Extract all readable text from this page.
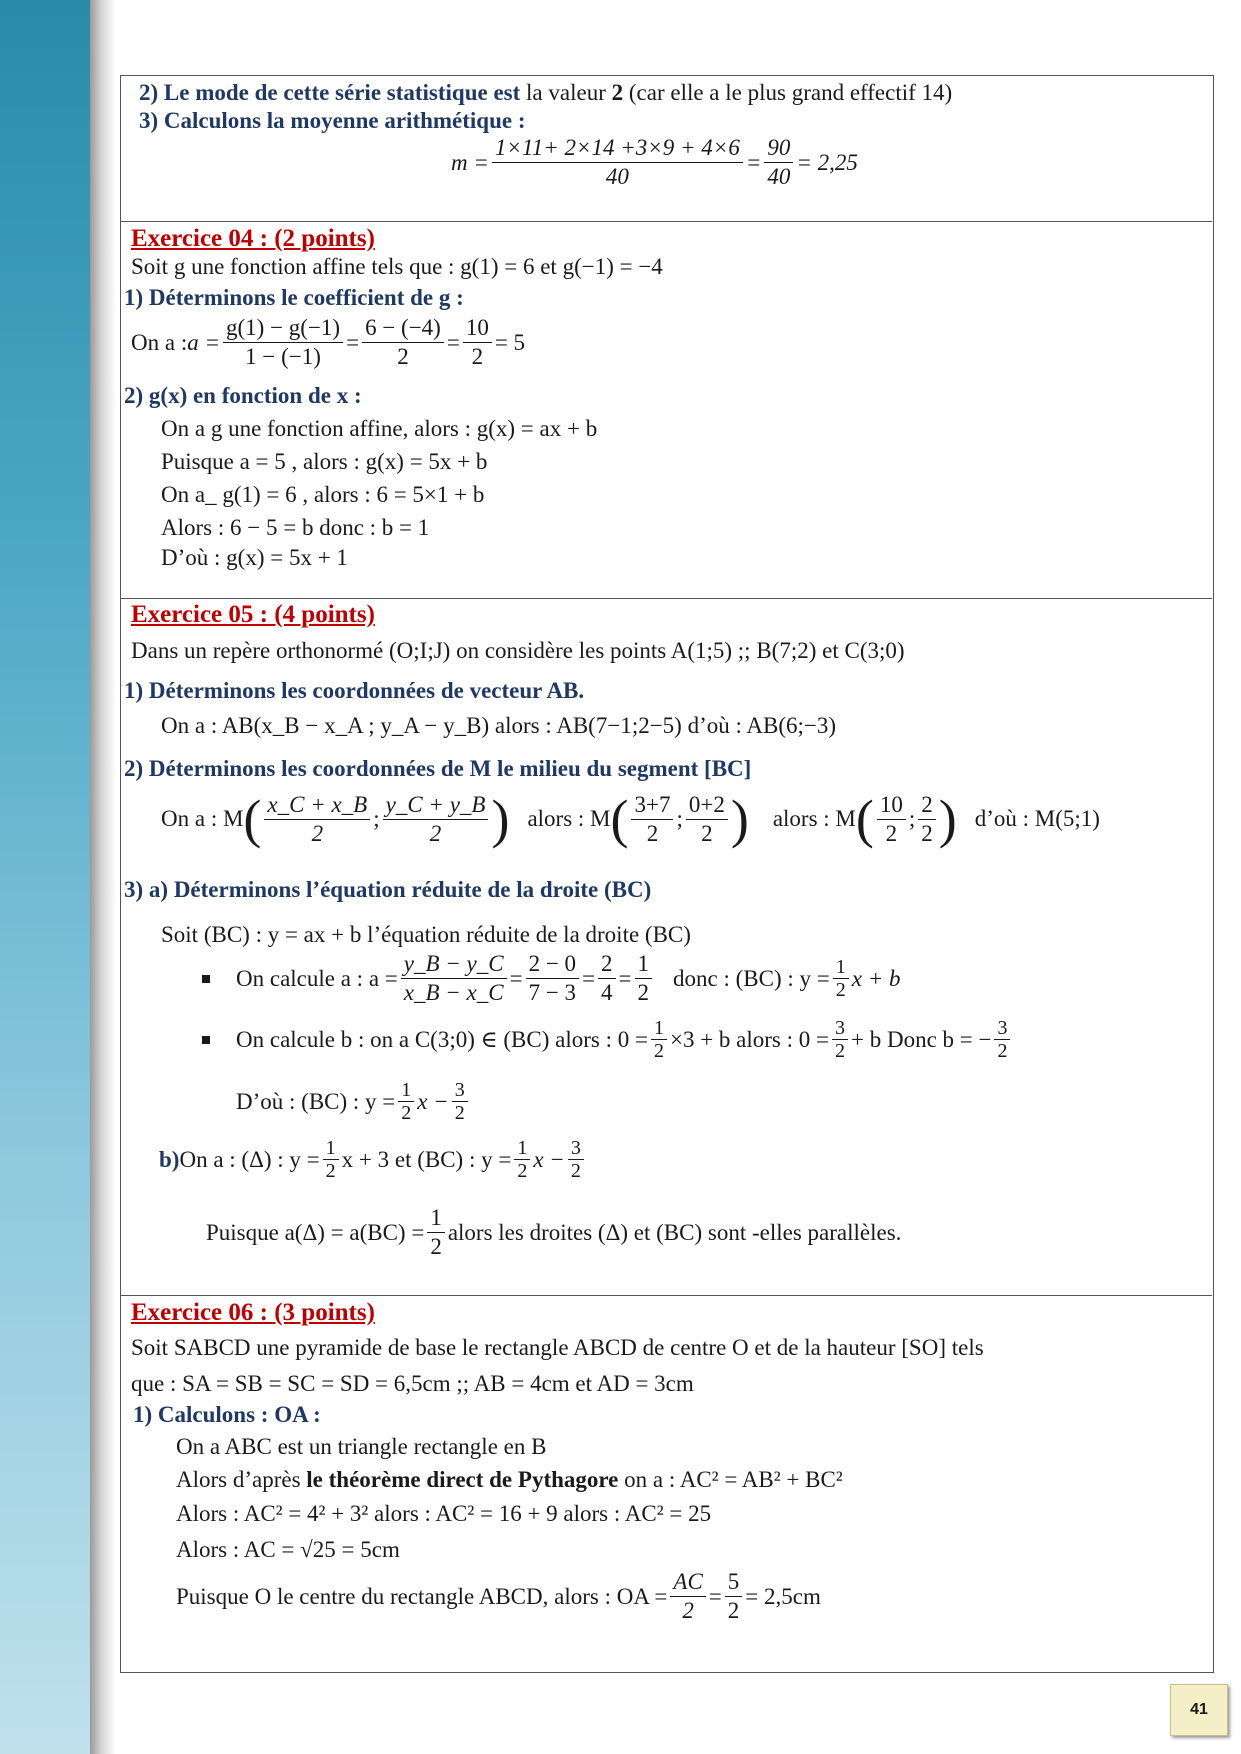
2) Le mode de cette série statistique est la valeur 2 (car elle a le plus grand effectif 14)
3) Calculons la moyenne arithmétique :
$m = \frac{1\times 11+ 2\times 14 +3\times 9 + 4\times 6}{40} = \frac{90}{40} = 2,25$
Exercice 04 : (2 points)
Soit g une fonction affine tels que : g(1) = 6 et g(−1) = −4
1) Déterminons le coefficient de g :
On a : $a = \frac{g(1) - g(-1)}{1 - (-1)} = \frac{6 - (-4)}{2} = \frac{10}{2} = 5$
2) g(x) en fonction de x :
On a g une fonction affine, alors : g(x) = ax + b
Puisque a = 5 , alors : g(x) = 5x + b
On a_ g(1) = 6 , alors : 6 = 5×1 + b
Alors : 6 − 5 = b donc : b = 1
D’où : g(x) = 5x + 1
Exercice 05 : (4 points)
Dans un repère orthonormé (O;I;J) on considère les points A(1;5) ;; B(7;2) et C(3;0)
1) Déterminons les coordonnées de vecteur AB.
On a : AB(x_B − x_A ; y_A − y_B) alors : AB(7−1;2−5) d’où : AB(6;−3)
2) Déterminons les coordonnées de M le milieu du segment [BC]
On a : M ( $\frac{x\_C + x\_B}{2}$ ; $\frac{y\_C + y\_B}{2}$ ) alors : M ( $\frac{3+7}{2}$ ; $\frac{0+2}{2}$ ) alors : M ( $\frac{10}{2}$ ; $\frac{2}{2}$ ) d’où : M(5;1)
3) a) Déterminons l’équation réduite de la droite (BC)
Soit (BC) : y = ax + b l’équation réduite de la droite (BC)
On calcule a : $a = \frac{y\_B - y\_C}{x\_B - x\_C} = \frac{2 - 0}{7 - 3} = \frac{2}{4} = \frac{1}{2}$ donc : (BC) : $y = \frac{1}{2}$ x + b
On calcule b : on a C(3;0) ∈ (BC) alors : $0 = \frac{1}{2} \times 3 + b$ alors : $0 = \frac{3}{2} + b$ Donc b = − $\frac{3}{2}$
D’où : (BC) : $y = \frac{1}{2}$ $x - \frac{3}{2}$
b) On a : (Δ) : $y = \frac{1}{2}$ x + 3 et (BC) : $y = \frac{1}{2}$ $x - \frac{3}{2}$
Puisque $a(\Delta) = a(BC) = \frac{1}{2}$ alors les droites (Δ) et (BC) sont -elles parallèles.
Exercice 06 : (3 points)
Soit SABCD une pyramide de base le rectangle ABCD de centre O et de la hauteur [SO] tels
que : SA = SB = SC = SD = 6,5cm ;; AB = 4cm et AD = 3cm
1) Calculons : OA :
On a ABC est un triangle rectangle en B
Alors d’après le théorème direct de Pythagore on a : AC² = AB² + BC²
Alors : AC² = 4² + 3² alors : AC² = 16 + 9 alors : AC² = 25
Alors : AC = √25 = 5cm
Puisque O le centre du rectangle ABCD, alors : OA = $\frac{AC}{2} = \frac{5}{2} = 2,5cm$
41
